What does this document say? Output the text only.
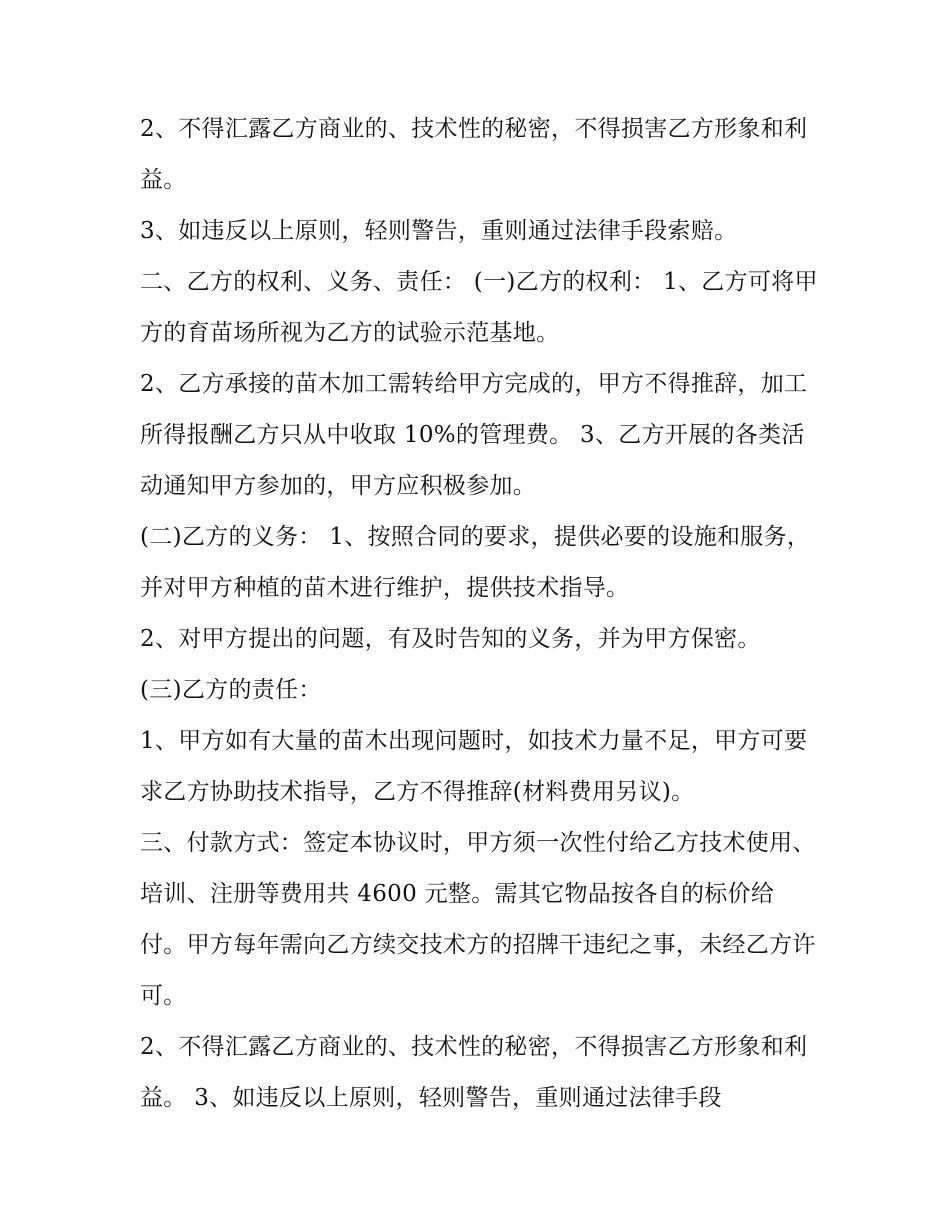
2、不得汇露乙方商业的、技术性的秘密，不得损害乙方形象和利益。

3、如违反以上原则，轻则警告，重则通过法律手段索赔。

二、乙方的权利、义务、责任： (一)乙方的权利： 1、乙方可将甲方的育苗场所视为乙方的试验示范基地。

2、乙方承接的苗木加工需转给甲方完成的，甲方不得推辞，加工所得报酬乙方只从中收取 10%的管理费。 3、乙方开展的各类活动通知甲方参加的，甲方应积极参加。

(二)乙方的义务： 1、按照合同的要求，提供必要的设施和服务，并对甲方种植的苗木进行维护，提供技术指导。

2、对甲方提出的问题，有及时告知的义务，并为甲方保密。

(三)乙方的责任：

1、甲方如有大量的苗木出现问题时，如技术力量不足，甲方可要求乙方协助技术指导，乙方不得推辞(材料费用另议)。

三、付款方式：签定本协议时，甲方须一次性付给乙方技术使用、培训、注册等费用共 4600 元整。需其它物品按各自的标价给付。甲方每年需向乙方续交技术方的招牌干违纪之事，未经乙方许可。

2、不得汇露乙方商业的、技术性的秘密，不得损害乙方形象和利益。 3、如违反以上原则，轻则警告，重则通过法律手段
